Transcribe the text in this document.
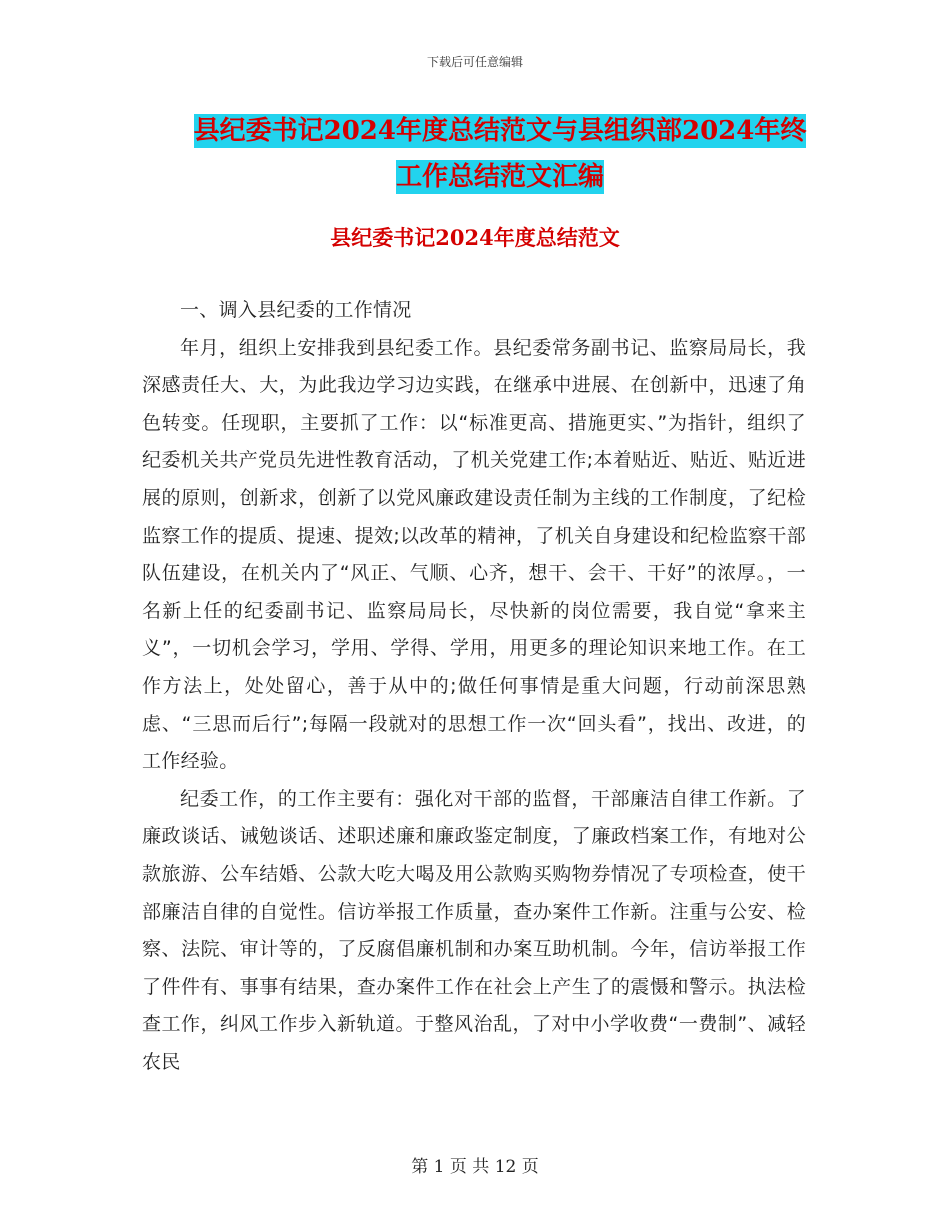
下载后可任意编辑
县纪委书记2024年度总结范文与县组织部2024年终
工作总结范文汇编
县纪委书记2024年度总结范文

一、调入县纪委的工作情况

年月，组织上安排我到县纪委工作。县纪委常务副书记、监察局局长，我深感责任大、大，为此我边学习边实践，在继承中进展、在创新中，迅速了角色转变。任现职，主要抓了工作：以“标准更高、措施更实、”为指针，组织了纪委机关共产党员先进性教育活动，了机关党建工作;本着贴近、贴近、贴近进展的原则，创新求，创新了以党风廉政建设责任制为主线的工作制度，了纪检监察工作的提质、提速、提效;以改革的精神，了机关自身建设和纪检监察干部队伍建设，在机关内了“风正、气顺、心齐，想干、会干、干好”的浓厚。，一名新上任的纪委副书记、监察局局长，尽快新的岗位需要，我自觉“拿来主义”，一切机会学习，学用、学得、学用，用更多的理论知识来地工作。在工作方法上，处处留心，善于从中的;做任何事情是重大问题，行动前深思熟虑、“三思而后行”;每隔一段就对的思想工作一次“回头看”，找出、改进，的工作经验。

纪委工作，的工作主要有：强化对干部的监督，干部廉洁自律工作新。了廉政谈话、诫勉谈话、述职述廉和廉政鉴定制度，了廉政档案工作，有地对公款旅游、公车结婚、公款大吃大喝及用公款购买购物券情况了专项检查，使干部廉洁自律的自觉性。信访举报工作质量，查办案件工作新。注重与公安、检察、法院、审计等的，了反腐倡廉机制和办案互助机制。今年，信访举报工作了件件有、事事有结果，查办案件工作在社会上产生了的震慑和警示。执法检查工作，纠风工作步入新轨道。于整风治乱，了对中小学收费“一费制”、减轻农民

第 1 页 共 12 页
